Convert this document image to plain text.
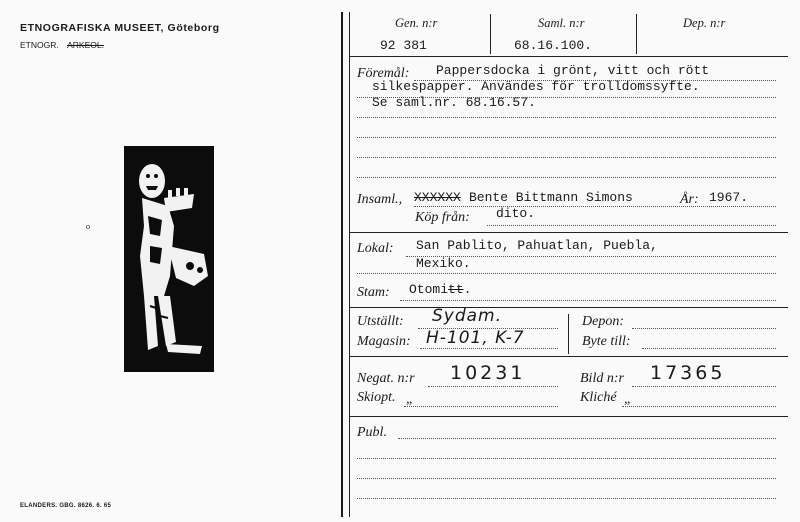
ETNOGRAFISKA MUSEET, Göteborg
ETNOGR. ARKEOL.
o
ELANDERS. GBG. 8626. 6. 65
Gen. n:r	Saml. n:r	Dep. n:r
92 381	68.16.100.
Föremål: Pappersdocka i grönt, vitt och rött
silkespapper. Användes för trolldomssyfte.
Se saml.nr. 68.16.57.
Insaml., XXXXXX Bente Bittmann Simons	År: 1967.
Köp från: dito.
Lokal: San Pablito, Pahuatlan, Puebla,
Mexiko.
Stam: Otomitt.
Utställt: Sydam.
Magasin: H-101, K-7
Depon:
Byte till:
Negat. n:r 10231	Bild n:r 17365
Skiopt. „	Kliché „
Publ.
